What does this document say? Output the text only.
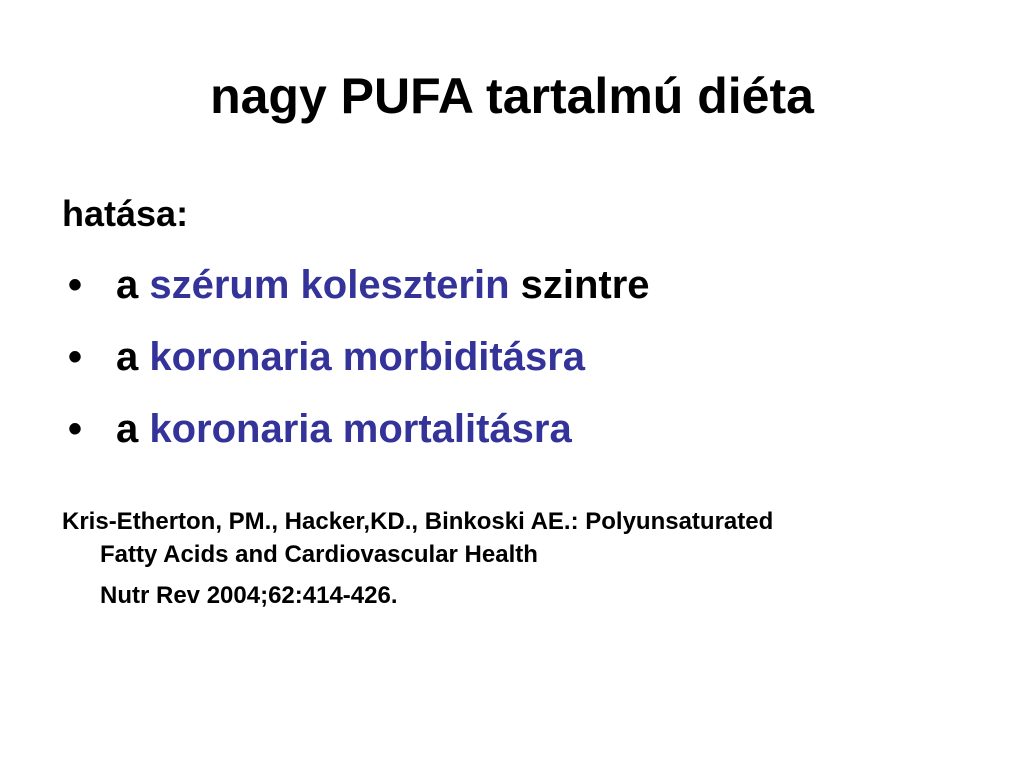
nagy PUFA tartalmú diéta
hatása:
• a szérum koleszterin szintre
• a koronaria morbiditásra
• a koronaria mortalitásra
Kris-Etherton, PM., Hacker,KD., Binkoski AE.: Polyunsaturated
Fatty Acids and Cardiovascular Health
Nutr Rev 2004;62:414-426.
